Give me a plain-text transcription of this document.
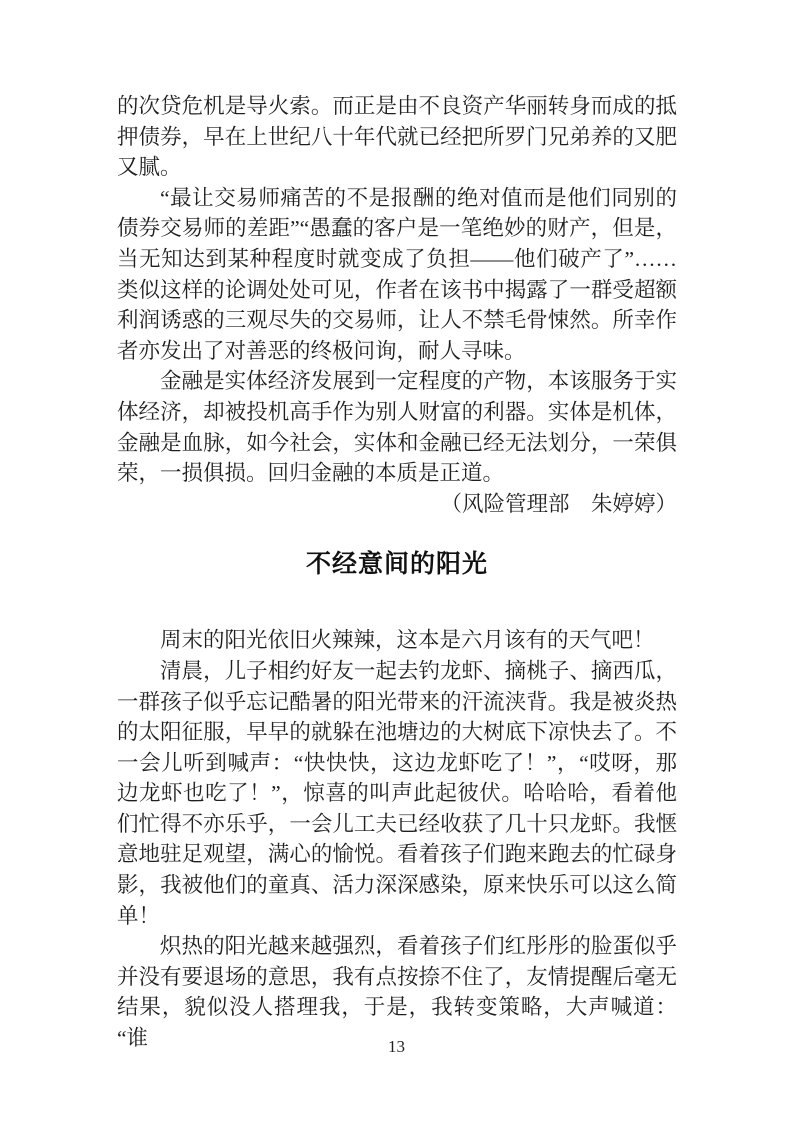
的次贷危机是导火索。而正是由不良资产华丽转身而成的抵押债券，早在上世纪八十年代就已经把所罗门兄弟养的又肥又腻。

“最让交易师痛苦的不是报酬的绝对值而是他们同别的债券交易师的差距”“愚蠢的客户是一笔绝妙的财产，但是，当无知达到某种程度时就变成了负担——他们破产了”……类似这样的论调处处可见，作者在该书中揭露了一群受超额利润诱惑的三观尽失的交易师，让人不禁毛骨悚然。所幸作者亦发出了对善恶的终极问询，耐人寻味。

金融是实体经济发展到一定程度的产物，本该服务于实体经济，却被投机高手作为别人财富的利器。实体是机体，金融是血脉，如今社会，实体和金融已经无法划分，一荣俱荣，一损俱损。回归金融的本质是正道。

（风险管理部　朱婷婷）

不经意间的阳光

周末的阳光依旧火辣辣，这本是六月该有的天气吧！

清晨，儿子相约好友一起去钓龙虾、摘桃子、摘西瓜，一群孩子似乎忘记酷暑的阳光带来的汗流浃背。我是被炎热的太阳征服，早早的就躲在池塘边的大树底下凉快去了。不一会儿听到喊声：“快快快，这边龙虾吃了！”，“哎呀，那边龙虾也吃了！”，惊喜的叫声此起彼伏。哈哈哈，看着他们忙得不亦乐乎，一会儿工夫已经收获了几十只龙虾。我惬意地驻足观望，满心的愉悦。看着孩子们跑来跑去的忙碌身影，我被他们的童真、活力深深感染，原来快乐可以这么简单！

炽热的阳光越来越强烈，看着孩子们红彤彤的脸蛋似乎并没有要退场的意思，我有点按捺不住了，友情提醒后毫无结果，貌似没人搭理我，于是，我转变策略，大声喊道：“谁	13
